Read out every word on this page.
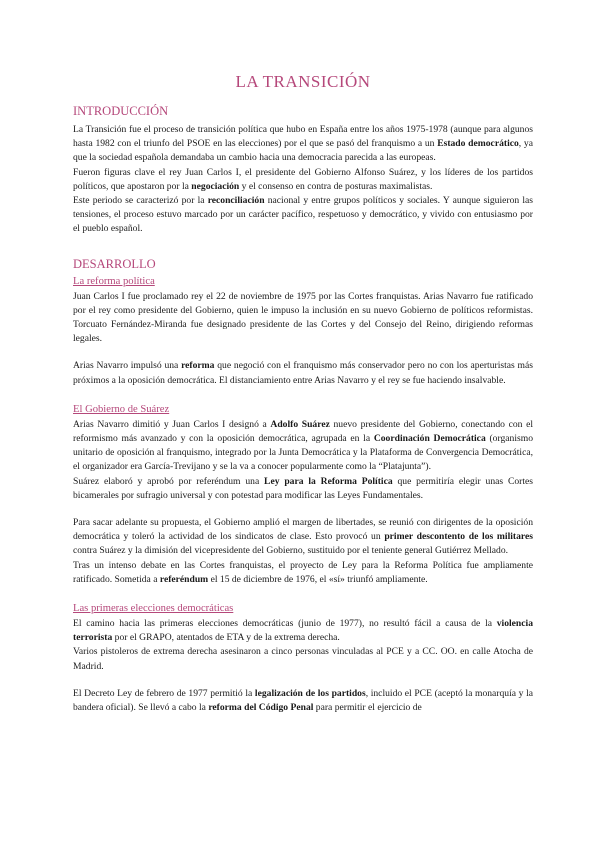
LA TRANSICIÓN
INTRODUCCIÓN

La Transición fue el proceso de transición política que hubo en España entre los años 1975-1978 (aunque para algunos hasta 1982 con el triunfo del PSOE en las elecciones) por el que se pasó del franquismo a un Estado democrático, ya que la sociedad española demandaba un cambio hacia una democracia parecida a las europeas.

Fueron figuras clave el rey Juan Carlos I, el presidente del Gobierno Alfonso Suárez, y los líderes de los partidos políticos, que apostaron por la negociación y el consenso en contra de posturas maximalistas.

Este periodo se caracterizó por la reconciliación nacional y entre grupos políticos y sociales. Y aunque siguieron las tensiones, el proceso estuvo marcado por un carácter pacífico, respetuoso y democrático, y vivido con entusiasmo por el pueblo español.

DESARROLLO
La reforma política

Juan Carlos I fue proclamado rey el 22 de noviembre de 1975 por las Cortes franquistas. Arias Navarro fue ratificado por el rey como presidente del Gobierno, quien le impuso la inclusión en su nuevo Gobierno de políticos reformistas. Torcuato Fernández-Miranda fue designado presidente de las Cortes y del Consejo del Reino, dirigiendo reformas legales.

Arias Navarro impulsó una reforma que negoció con el franquismo más conservador pero no con los aperturistas más próximos a la oposición democrática. El distanciamiento entre Arias Navarro y el rey se fue haciendo insalvable.

El Gobierno de Suárez

Arias Navarro dimitió y Juan Carlos I designó a Adolfo Suárez nuevo presidente del Gobierno, conectando con el reformismo más avanzado y con la oposición democrática, agrupada en la Coordinación Democrática (organismo unitario de oposición al franquismo, integrado por la Junta Democrática y la Plataforma de Convergencia Democrática, el organizador era García-Trevijano y se la va a conocer popularmente como la “Platajunta”).

Suárez elaboró y aprobó por referéndum una Ley para la Reforma Política que permitiría elegir unas Cortes bicamerales por sufragio universal y con potestad para modificar las Leyes Fundamentales.

Para sacar adelante su propuesta, el Gobierno amplió el margen de libertades, se reunió con dirigentes de la oposición democrática y toleró la actividad de los sindicatos de clase. Esto provocó un primer descontento de los militares contra Suárez y la dimisión del vicepresidente del Gobierno, sustituido por el teniente general Gutiérrez Mellado.

Tras un intenso debate en las Cortes franquistas, el proyecto de Ley para la Reforma Política fue ampliamente ratificado. Sometida a referéndum el 15 de diciembre de 1976, el «sí» triunfó ampliamente.

Las primeras elecciones democráticas

El camino hacia las primeras elecciones democráticas (junio de 1977), no resultó fácil a causa de la violencia terrorista por el GRAPO, atentados de ETA y de la extrema derecha.

Varios pistoleros de extrema derecha asesinaron a cinco personas vinculadas al PCE y a CC. OO. en calle Atocha de Madrid.

El Decreto Ley de febrero de 1977 permitió la legalización de los partidos, incluido el PCE (aceptó la monarquía y la bandera oficial). Se llevó a cabo la reforma del Código Penal para permitir el ejercicio de
